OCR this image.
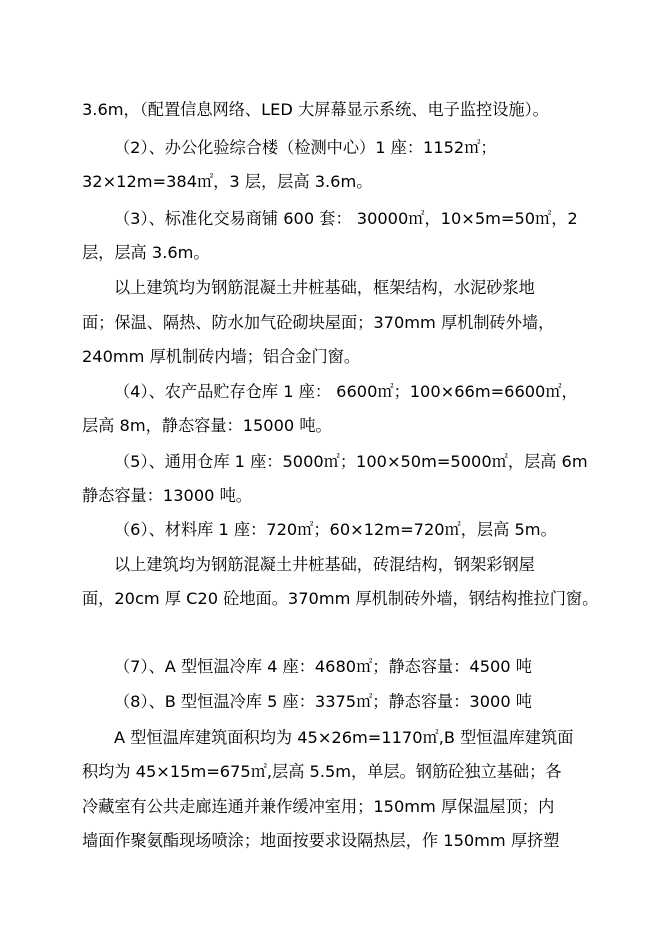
3.6m，（配置信息网络、LED 大屏幕显示系统、电子监控设施）。
（2）、办公化验综合楼（检测中心）1 座：1152㎡；
32×12m=384㎡，3 层，层高 3.6m。
（3）、标准化交易商铺 600 套： 30000㎡，10×5m=50㎡，2
层，层高 3.6m。
以上建筑均为钢筋混凝土井桩基础，框架结构，水泥砂浆地
面；保温、隔热、防水加气砼砌块屋面；370mm 厚机制砖外墙，
240mm 厚机制砖内墙；铝合金门窗。
（4）、农产品贮存仓库 1 座： 6600㎡；100×66m=6600㎡，
层高 8m，静态容量：15000 吨。
（5）、通用仓库 1 座：5000㎡；100×50m=5000㎡，层高 6m
静态容量：13000 吨。
（6）、材料库 1 座：720㎡；60×12m=720㎡，层高 5m。
以上建筑均为钢筋混凝土井桩基础，砖混结构，钢架彩钢屋
面，20cm 厚 C20 砼地面。370mm 厚机制砖外墙，钢结构推拉门窗。
（7）、A 型恒温冷库 4 座：4680㎡；静态容量：4500 吨
（8）、B 型恒温冷库 5 座：3375㎡；静态容量：3000 吨
A 型恒温库建筑面积均为 45×26m=1170㎡,B 型恒温库建筑面
积均为 45×15m=675㎡,层高 5.5m，单层。钢筋砼独立基础；各
冷藏室有公共走廊连通并兼作缓冲室用；150mm 厚保温屋顶；内
墙面作聚氨酯现场喷涂；地面按要求设隔热层，作 150mm 厚挤塑
